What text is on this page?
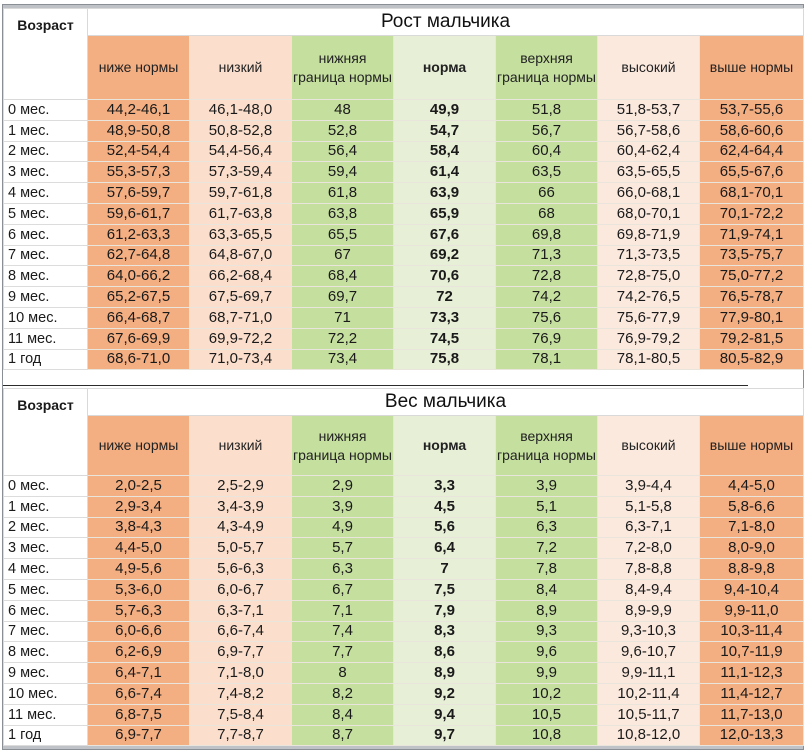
Возраст	Рост мальчика						
	ниже нормы	низкий	нижняя граница нормы	норма	верхняя граница нормы	высокий	выше нормы
0 мес.	44,2-46,1	46,1-48,0	48	49,9	51,8	51,8-53,7	53,7-55,6
1 мес.	48,9-50,8	50,8-52,8	52,8	54,7	56,7	56,7-58,6	58,6-60,6
2 мес.	52,4-54,4	54,4-56,4	56,4	58,4	60,4	60,4-62,4	62,4-64,4
3 мес.	55,3-57,3	57,3-59,4	59,4	61,4	63,5	63,5-65,5	65,5-67,6
4 мес.	57,6-59,7	59,7-61,8	61,8	63,9	66	66,0-68,1	68,1-70,1
5 мес.	59,6-61,7	61,7-63,8	63,8	65,9	68	68,0-70,1	70,1-72,2
6 мес.	61,2-63,3	63,3-65,5	65,5	67,6	69,8	69,8-71,9	71,9-74,1
7 мес.	62,7-64,8	64,8-67,0	67	69,2	71,3	71,3-73,5	73,5-75,7
8 мес.	64,0-66,2	66,2-68,4	68,4	70,6	72,8	72,8-75,0	75,0-77,2
9 мес.	65,2-67,5	67,5-69,7	69,7	72	74,2	74,2-76,5	76,5-78,7
10 мес.	66,4-68,7	68,7-71,0	71	73,3	75,6	75,6-77,9	77,9-80,1
11 мес.	67,6-69,9	69,9-72,2	72,2	74,5	76,9	76,9-79,2	79,2-81,5
1 год	68,6-71,0	71,0-73,4	73,4	75,8	78,1	78,1-80,5	80,5-82,9
Возраст	Вес мальчика						
	ниже нормы	низкий	нижняя граница нормы	норма	верхняя граница нормы	высокий	выше нормы
0 мес.	2,0-2,5	2,5-2,9	2,9	3,3	3,9	3,9-4,4	4,4-5,0
1 мес.	2,9-3,4	3,4-3,9	3,9	4,5	5,1	5,1-5,8	5,8-6,6
2 мес.	3,8-4,3	4,3-4,9	4,9	5,6	6,3	6,3-7,1	7,1-8,0
3 мес.	4,4-5,0	5,0-5,7	5,7	6,4	7,2	7,2-8,0	8,0-9,0
4 мес.	4,9-5,6	5,6-6,3	6,3	7	7,8	7,8-8,8	8,8-9,8
5 мес.	5,3-6,0	6,0-6,7	6,7	7,5	8,4	8,4-9,4	9,4-10,4
6 мес.	5,7-6,3	6,3-7,1	7,1	7,9	8,9	8,9-9,9	9,9-11,0
7 мес.	6,0-6,6	6,6-7,4	7,4	8,3	9,3	9,3-10,3	10,3-11,4
8 мес.	6,2-6,9	6,9-7,7	7,7	8,6	9,6	9,6-10,7	10,7-11,9
9 мес.	6,4-7,1	7,1-8,0	8	8,9	9,9	9,9-11,1	11,1-12,3
10 мес.	6,6-7,4	7,4-8,2	8,2	9,2	10,2	10,2-11,4	11,4-12,7
11 мес.	6,8-7,5	7,5-8,4	8,4	9,4	10,5	10,5-11,7	11,7-13,0
1 год	6,9-7,7	7,7-8,7	8,7	9,7	10,8	10,8-12,0	12,0-13,3
